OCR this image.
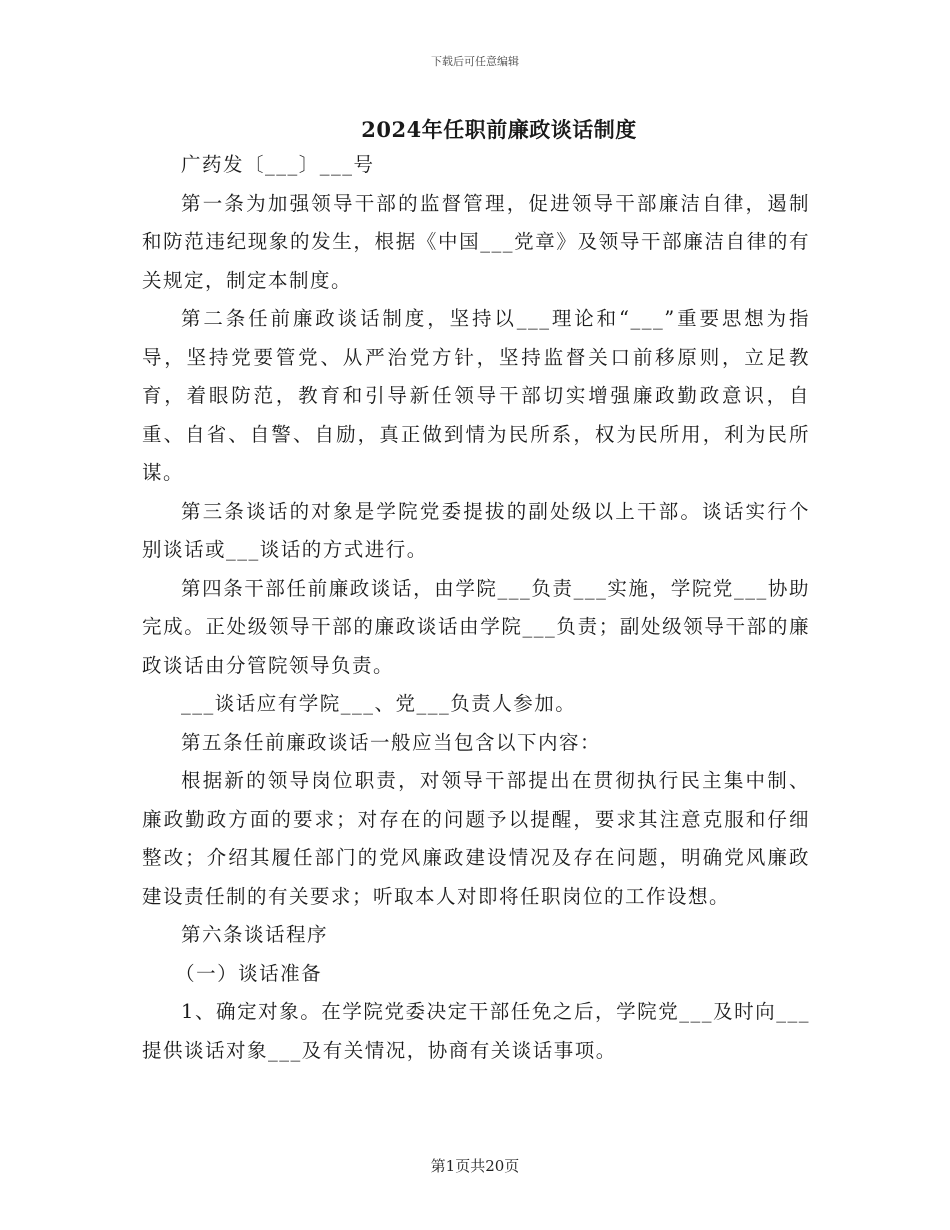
下载后可任意编辑
2024年任职前廉政谈话制度

广药发〔___〕___号

第一条为加强领导干部的监督管理，促进领导干部廉洁自律，遏制和防范违纪现象的发生，根据《中国___党章》及领导干部廉洁自律的有关规定，制定本制度。

第二条任前廉政谈话制度，坚持以___理论和“___”重要思想为指导，坚持党要管党、从严治党方针，坚持监督关口前移原则，立足教育，着眼防范，教育和引导新任领导干部切实增强廉政勤政意识，自重、自省、自警、自励，真正做到情为民所系，权为民所用，利为民所谋。

第三条谈话的对象是学院党委提拔的副处级以上干部。谈话实行个别谈话或___谈话的方式进行。

第四条干部任前廉政谈话，由学院___负责___实施，学院党___协助完成。正处级领导干部的廉政谈话由学院___负责；副处级领导干部的廉政谈话由分管院领导负责。

___谈话应有学院___、党___负责人参加。

第五条任前廉政谈话一般应当包含以下内容：

根据新的领导岗位职责，对领导干部提出在贯彻执行民主集中制、廉政勤政方面的要求；对存在的问题予以提醒，要求其注意克服和仔细整改；介绍其履任部门的党风廉政建设情况及存在问题，明确党风廉政建设责任制的有关要求；听取本人对即将任职岗位的工作设想。

第六条谈话程序

（一）谈话准备

1、确定对象。在学院党委决定干部任免之后，学院党___及时向___提供谈话对象___及有关情况，协商有关谈话事项。

第1页共20页
